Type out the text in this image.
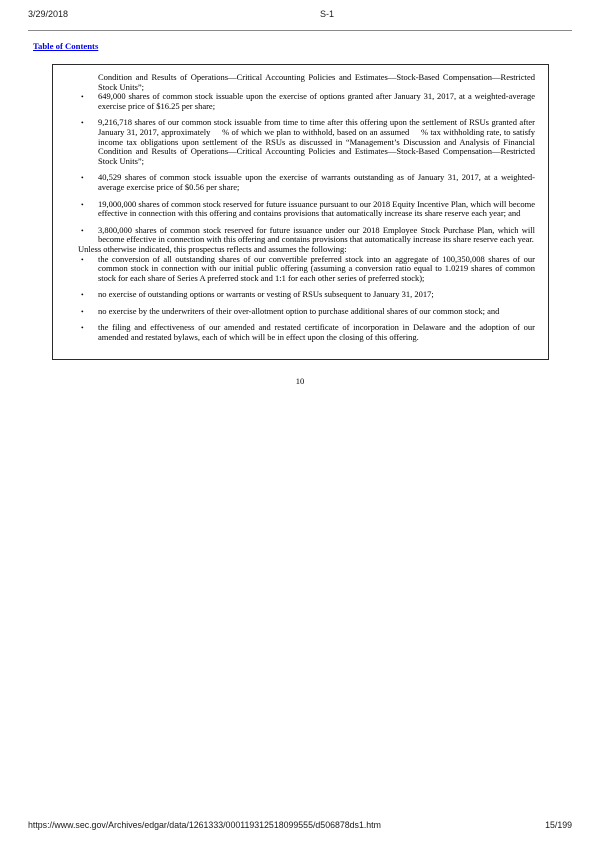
3/29/2018	S-1
Table of Contents

Condition and Results of Operations—Critical Accounting Policies and Estimates—Stock-Based Compensation—Restricted Stock Units”;

•	649,000 shares of common stock issuable upon the exercise of options granted after January 31, 2017, at a weighted-average exercise price of $16.25 per share;
•	9,216,718 shares of our common stock issuable from time to time after this offering upon the settlement of RSUs granted after January 31, 2017, approximately     % of which we plan to withhold, based on an assumed     % tax withholding rate, to satisfy income tax obligations upon settlement of the RSUs as discussed in “Management’s Discussion and Analysis of Financial Condition and Results of Operations—Critical Accounting Policies and Estimates—Stock-Based Compensation—Restricted Stock Units”;
•	40,529 shares of common stock issuable upon the exercise of warrants outstanding as of January 31, 2017, at a weighted-average exercise price of $0.56 per share;
•	19,000,000 shares of common stock reserved for future issuance pursuant to our 2018 Equity Incentive Plan, which will become effective in connection with this offering and contains provisions that automatically increase its share reserve each year; and
•	3,800,000 shares of common stock reserved for future issuance under our 2018 Employee Stock Purchase Plan, which will become effective in connection with this offering and contains provisions that automatically increase its share reserve each year.

Unless otherwise indicated, this prospectus reflects and assumes the following:

•	the conversion of all outstanding shares of our convertible preferred stock into an aggregate of 100,350,008 shares of our common stock in connection with our initial public offering (assuming a conversion ratio equal to 1.0219 shares of common stock for each share of Series A preferred stock and 1:1 for each other series of preferred stock);
•	no exercise of outstanding options or warrants or vesting of RSUs subsequent to January 31, 2017;
•	no exercise by the underwriters of their over-allotment option to purchase additional shares of our common stock; and
•	the filing and effectiveness of our amended and restated certificate of incorporation in Delaware and the adoption of our amended and restated bylaws, each of which will be in effect upon the closing of this offering.
10
https://www.sec.gov/Archives/edgar/data/1261333/000119312518099555/d506878ds1.htm	15/199
